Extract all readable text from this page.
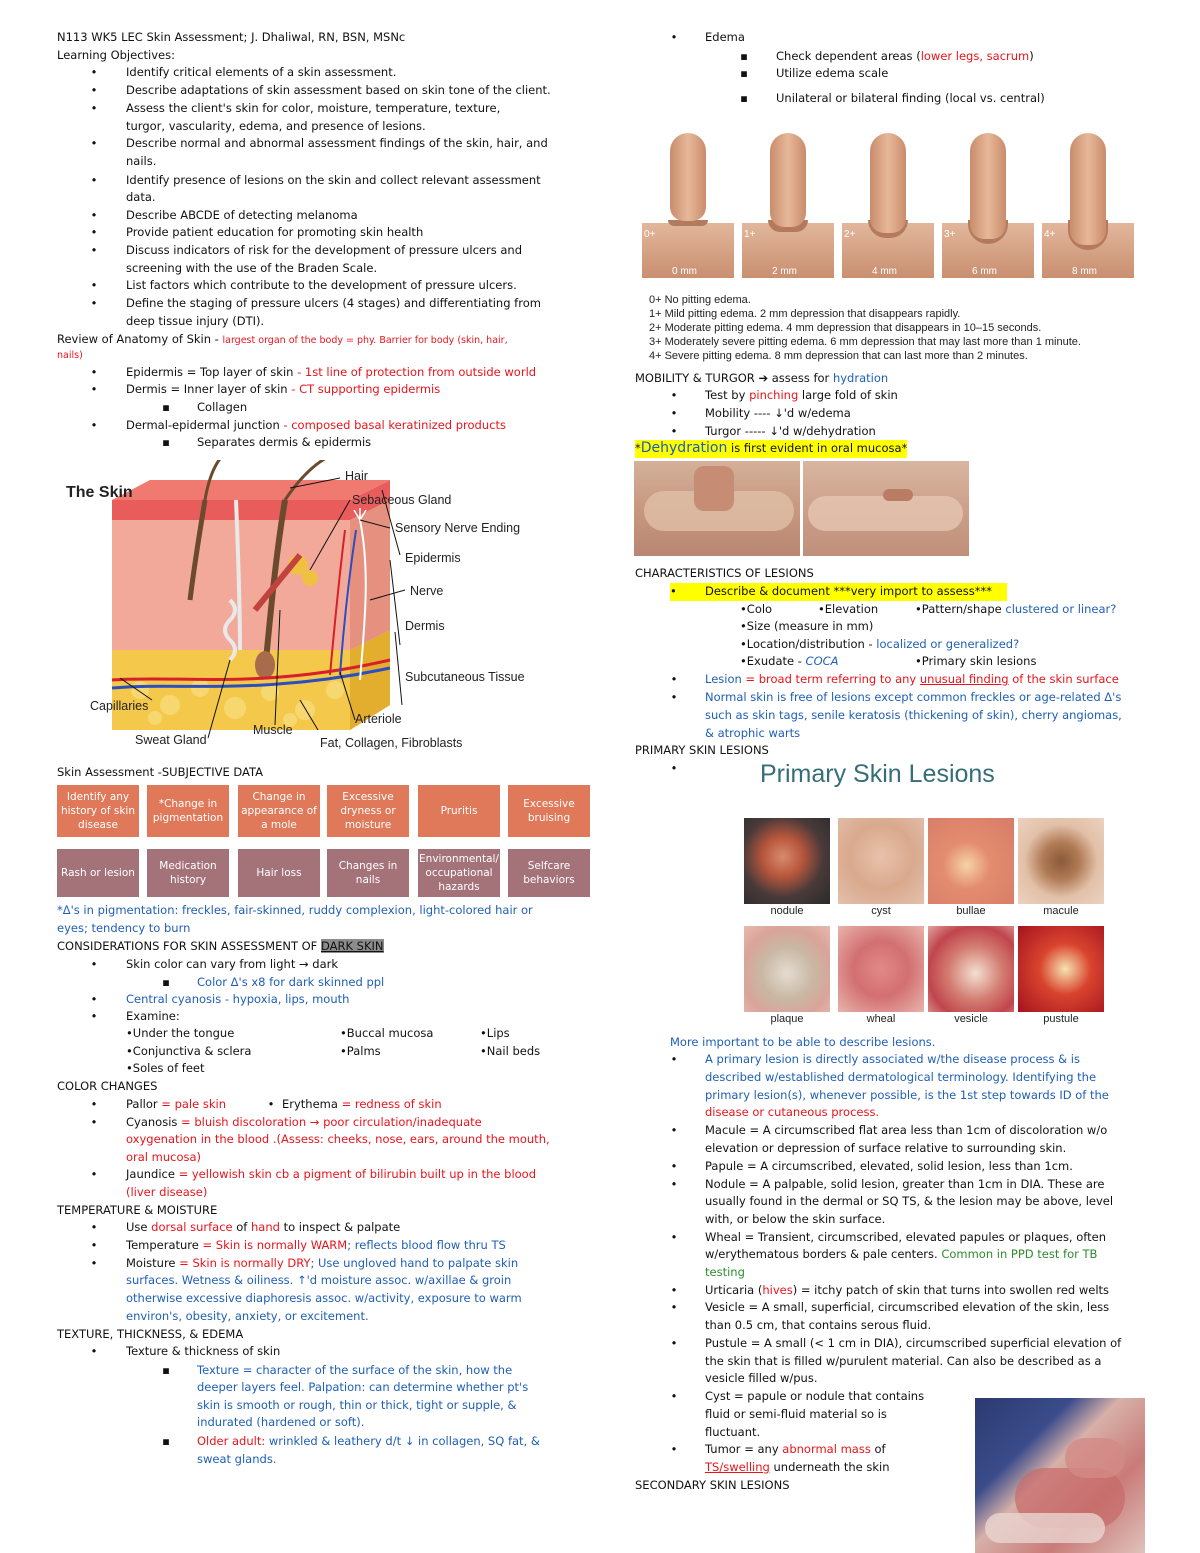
N113 WK5 LEC Skin Assessment; J. Dhaliwal, RN, BSN, MSNc
Learning Objectives:
• Identify critical elements of a skin assessment.
• Describe adaptations of skin assessment based on skin tone of the client.
• Assess the client's skin for color, moisture, temperature, texture,
turgor, vascularity, edema, and presence of lesions.
• Describe normal and abnormal assessment findings of the skin, hair, and
nails.
• Identify presence of lesions on the skin and collect relevant assessment
data.
• Describe ABCDE of detecting melanoma
• Provide patient education for promoting skin health
• Discuss indicators of risk for the development of pressure ulcers and
screening with the use of the Braden Scale.
• List factors which contribute to the development of pressure ulcers.
• Define the staging of pressure ulcers (4 stages) and differentiating from
deep tissue injury (DTI).
Review of Anatomy of Skin - largest organ of the body = phy. Barrier for body (skin, hair,
nails)
• Epidermis = Top layer of skin - 1st line of protection from outside world
• Dermis = Inner layer of skin - CT supporting epidermis
▪ Collagen
• Dermal-epidermal junction - composed basal keratinized products
▪ Separates dermis & epidermis
The Skin
Hair
Sebaceous Gland
Sensory Nerve Ending
Epidermis
Nerve
Dermis
Subcutaneous Tissue
Capillaries
Sweat Gland
Muscle
Arteriole
Fat, Collagen, Fibroblasts
Skin Assessment -SUBJECTIVE DATA
Identify any history of skin disease
*Change in pigmentation
Change in appearance of a mole
Excessive dryness or moisture
Pruritis
Excessive bruising
Rash or lesion
Medication history
Hair loss
Changes in nails
Environmental/ occupational hazards
Selfcare behaviors
*Δ's in pigmentation: freckles, fair-skinned, ruddy complexion, light-colored hair or
eyes; tendency to burn
CONSIDERATIONS FOR SKIN ASSESSMENT OF DARK SKIN
• Skin color can vary from light → dark
▪ Color Δ's x8 for dark skinned ppl
• Central cyanosis - hypoxia, lips, mouth
• Examine:
•Under the tongue	•Buccal mucosa	•Lips
•Conjunctiva & sclera	•Palms	•Nail beds
•Soles of feet
COLOR CHANGES
• Pallor = pale skin	• Erythema = redness of skin
• Cyanosis = bluish discoloration → poor circulation/inadequate
oxygenation in the blood .(Assess: cheeks, nose, ears, around the mouth,
oral mucosa)
• Jaundice = yellowish skin cb a pigment of bilirubin built up in the blood
(liver disease)
TEMPERATURE & MOISTURE
• Use dorsal surface of hand to inspect & palpate
• Temperature = Skin is normally WARM; reflects blood flow thru TS
• Moisture = Skin is normally DRY; Use ungloved hand to palpate skin
surfaces. Wetness & oiliness. ↑'d moisture assoc. w/axillae & groin
otherwise excessive diaphoresis assoc. w/activity, exposure to warm
environ's, obesity, anxiety, or excitement.
TEXTURE, THICKNESS, & EDEMA
• Texture & thickness of skin
▪ Texture = character of the surface of the skin, how the
deeper layers feel. Palpation: can determine whether pt's
skin is smooth or rough, thin or thick, tight or supple, &
indurated (hardened or soft).
▪ Older adult: wrinkled & leathery d/t ↓ in collagen, SQ fat, &
sweat glands.
• Edema
▪ Check dependent areas (lower legs, sacrum)
▪ Utilize edema scale
▪ Unilateral or bilateral finding (local vs. central)
0+
0 mm
1+
2 mm
2+
4 mm
3+
6 mm
4+
8 mm
0+ No pitting edema.
1+ Mild pitting edema. 2 mm depression that disappears rapidly.
2+ Moderate pitting edema. 4 mm depression that disappears in 10–15 seconds.
3+ Moderately severe pitting edema. 6 mm depression that may last more than 1 minute.
4+ Severe pitting edema. 8 mm depression that can last more than 2 minutes.
MOBILITY & TURGOR ➔ assess for hydration
• Test by pinching large fold of skin
• Mobility ---- ↓'d w/edema
• Turgor ----- ↓'d w/dehydration
*Dehydration is first evident in oral mucosa*
CHARACTERISTICS OF LESIONS
• Describe & document ***very import to assess***
•Colo	•Elevation	•Pattern/shape clustered or linear?
•Size (measure in mm)
•Location/distribution - localized or generalized?
•Exudate - COCA	•Primary skin lesions
• Lesion = broad term referring to any unusual finding of the skin surface
• Normal skin is free of lesions except common freckles or age-related Δ's
such as skin tags, senile keratosis (thickening of skin), cherry angiomas,
& atrophic warts
PRIMARY SKIN LESIONS
•	Primary Skin Lesions
nodule	cyst	bullae	macule
plaque	wheal	vesicle	pustule
More important to be able to describe lesions.
• A primary lesion is directly associated w/the disease process & is
described w/established dermatological terminology. Identifying the
primary lesion(s), whenever possible, is the 1st step towards ID of the
disease or cutaneous process.
• Macule = A circumscribed flat area less than 1cm of discoloration w/o
elevation or depression of surface relative to surrounding skin.
• Papule = A circumscribed, elevated, solid lesion, less than 1cm.
• Nodule = A palpable, solid lesion, greater than 1cm in DIA. These are
usually found in the dermal or SQ TS, & the lesion may be above, level
with, or below the skin surface.
• Wheal = Transient, circumscribed, elevated papules or plaques, often
w/erythematous borders & pale centers. Common in PPD test for TB
testing
• Urticaria (hives) = itchy patch of skin that turns into swollen red welts
• Vesicle = A small, superficial, circumscribed elevation of the skin, less
than 0.5 cm, that contains serous fluid.
• Pustule = A small (< 1 cm in DIA), circumscribed superficial elevation of
the skin that is filled w/purulent material. Can also be described as a
vesicle filled w/pus.
• Cyst = papule or nodule that contains
fluid or semi-fluid material so is
fluctuant.
• Tumor = any abnormal mass of
TS/swelling underneath the skin
SECONDARY SKIN LESIONS
